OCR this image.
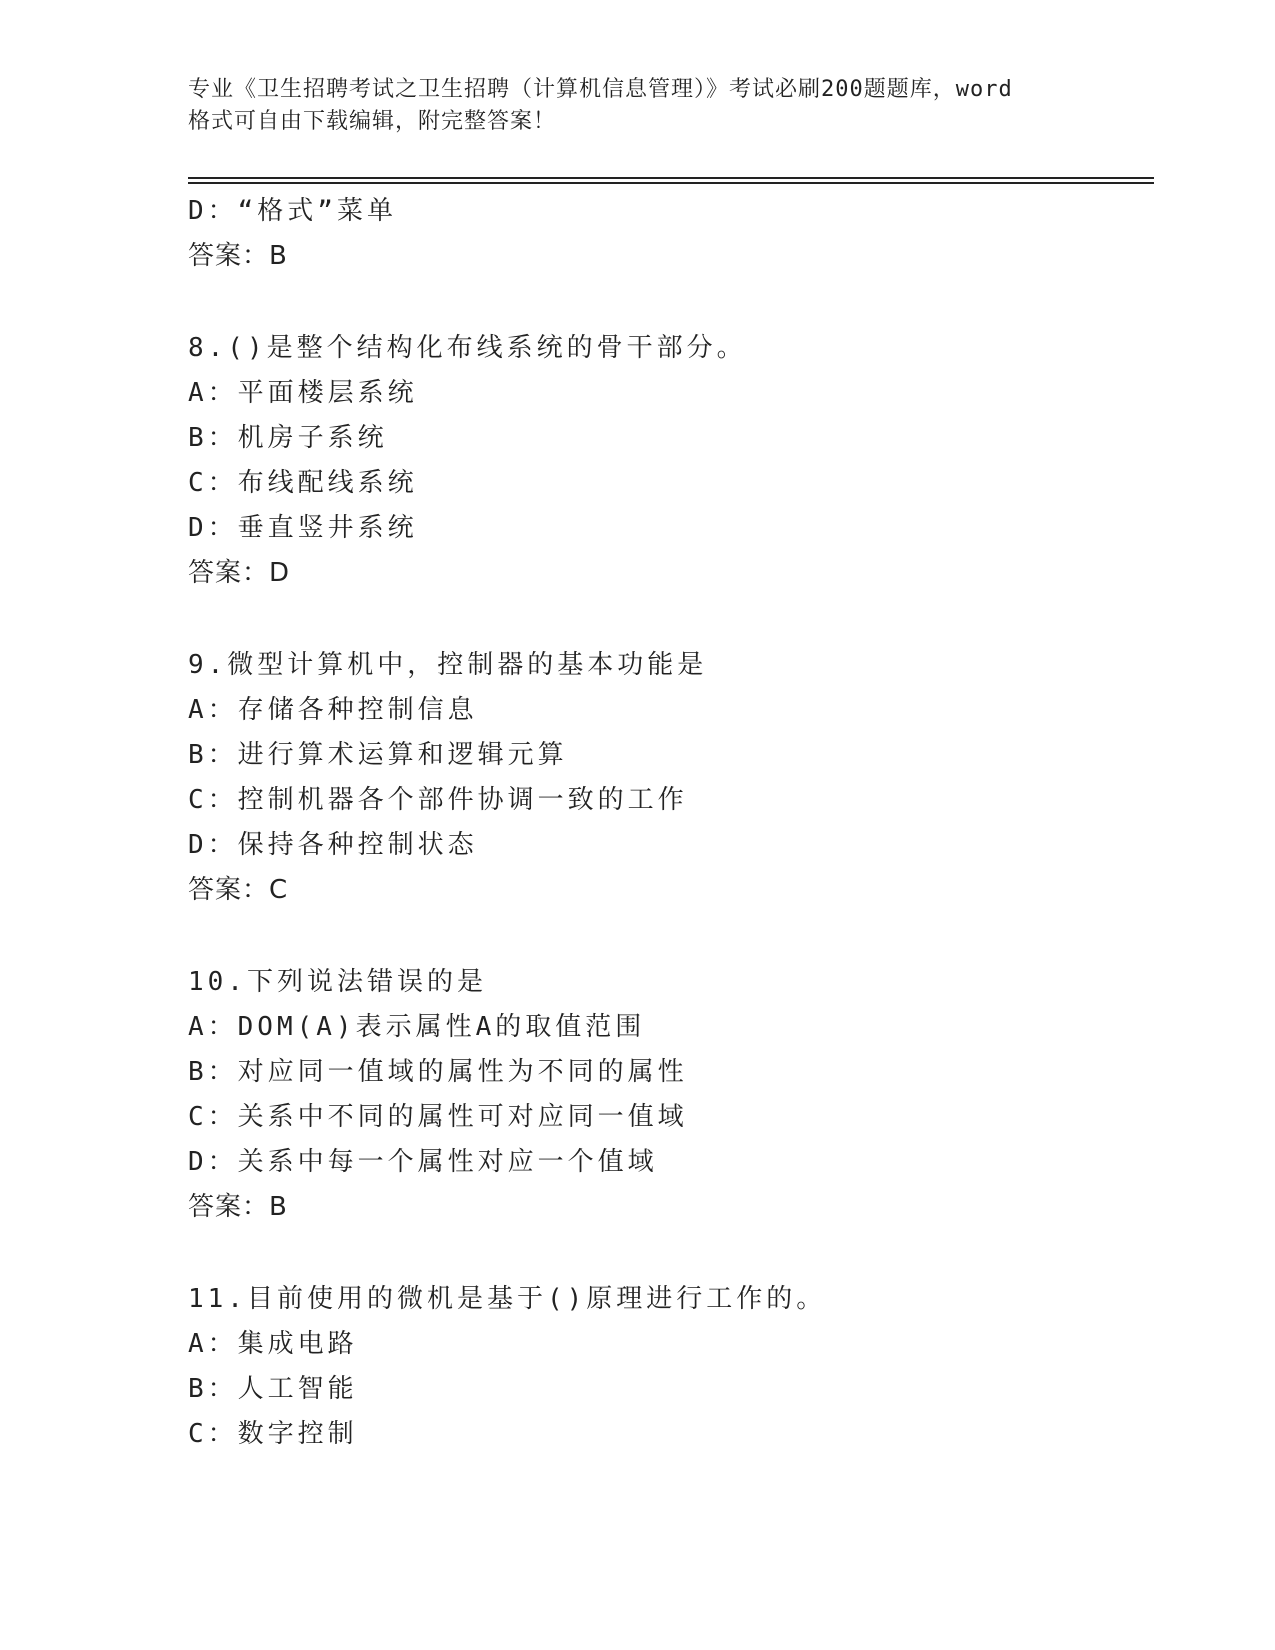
专业《卫生招聘考试之卫生招聘（计算机信息管理）》考试必刷200题题库，word
格式可自由下载编辑，附完整答案！
D：“格式”菜单
答案：B
8.()是整个结构化布线系统的骨干部分。
A：平面楼层系统
B：机房子系统
C：布线配线系统
D：垂直竖井系统
答案：D
9.微型计算机中，控制器的基本功能是
A：存储各种控制信息
B：进行算术运算和逻辑元算
C：控制机器各个部件协调一致的工作
D：保持各种控制状态
答案：C
10.下列说法错误的是
A：DOM(A)表示属性A的取值范围
B：对应同一值域的属性为不同的属性
C：关系中不同的属性可对应同一值域
D：关系中每一个属性对应一个值域
答案：B
11.目前使用的微机是基于()原理进行工作的。
A：集成电路
B：人工智能
C：数字控制
